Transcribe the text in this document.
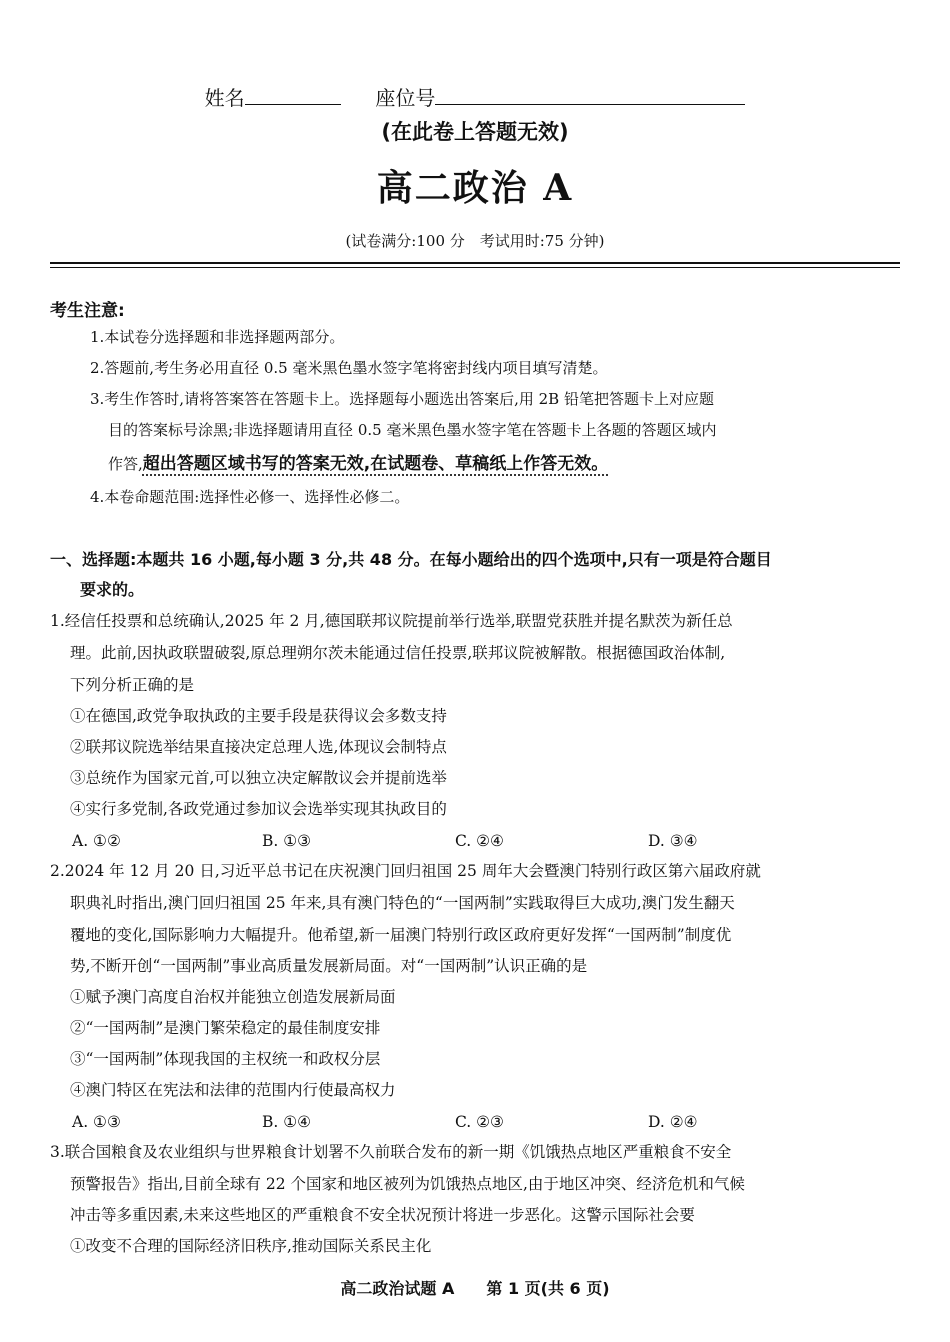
姓名	座位号
(在此卷上答题无效)
高二政治 A
(试卷满分:100 分　考试用时:75 分钟)
考生注意:
1.本试卷分选择题和非选择题两部分。
2.答题前,考生务必用直径 0.5 毫米黑色墨水签字笔将密封线内项目填写清楚。
3.考生作答时,请将答案答在答题卡上。选择题每小题选出答案后,用 2B 铅笔把答题卡上对应题
目的答案标号涂黑;非选择题请用直径 0.5 毫米黑色墨水签字笔在答题卡上各题的答题区域内
作答,超出答题区域书写的答案无效,在试题卷、草稿纸上作答无效。
4.本卷命题范围:选择性必修一、选择性必修二。
一、选择题:本题共 16 小题,每小题 3 分,共 48 分。在每小题给出的四个选项中,只有一项是符合题目
要求的。
1.经信任投票和总统确认,2025 年 2 月,德国联邦议院提前举行选举,联盟党获胜并提名默茨为新任总
理。此前,因执政联盟破裂,原总理朔尔茨未能通过信任投票,联邦议院被解散。根据德国政治体制,
下列分析正确的是
①在德国,政党争取执政的主要手段是获得议会多数支持
②联邦议院选举结果直接决定总理人选,体现议会制特点
③总统作为国家元首,可以独立决定解散议会并提前选举
④实行多党制,各政党通过参加议会选举实现其执政目的
A. ①②	B. ①③	C. ②④	D. ③④
2.2024 年 12 月 20 日,习近平总书记在庆祝澳门回归祖国 25 周年大会暨澳门特别行政区第六届政府就
职典礼时指出,澳门回归祖国 25 年来,具有澳门特色的“一国两制”实践取得巨大成功,澳门发生翻天
覆地的变化,国际影响力大幅提升。他希望,新一届澳门特别行政区政府更好发挥“一国两制”制度优
势,不断开创“一国两制”事业高质量发展新局面。对“一国两制”认识正确的是
①赋予澳门高度自治权并能独立创造发展新局面
②“一国两制”是澳门繁荣稳定的最佳制度安排
③“一国两制”体现我国的主权统一和政权分层
④澳门特区在宪法和法律的范围内行使最高权力
A. ①③	B. ①④	C. ②③	D. ②④
3.联合国粮食及农业组织与世界粮食计划署不久前联合发布的新一期《饥饿热点地区严重粮食不安全
预警报告》指出,目前全球有 22 个国家和地区被列为饥饿热点地区,由于地区冲突、经济危机和气候
冲击等多重因素,未来这些地区的严重粮食不安全状况预计将进一步恶化。这警示国际社会要
①改变不合理的国际经济旧秩序,推动国际关系民主化
高二政治试题 A　　第 1 页(共 6 页)
